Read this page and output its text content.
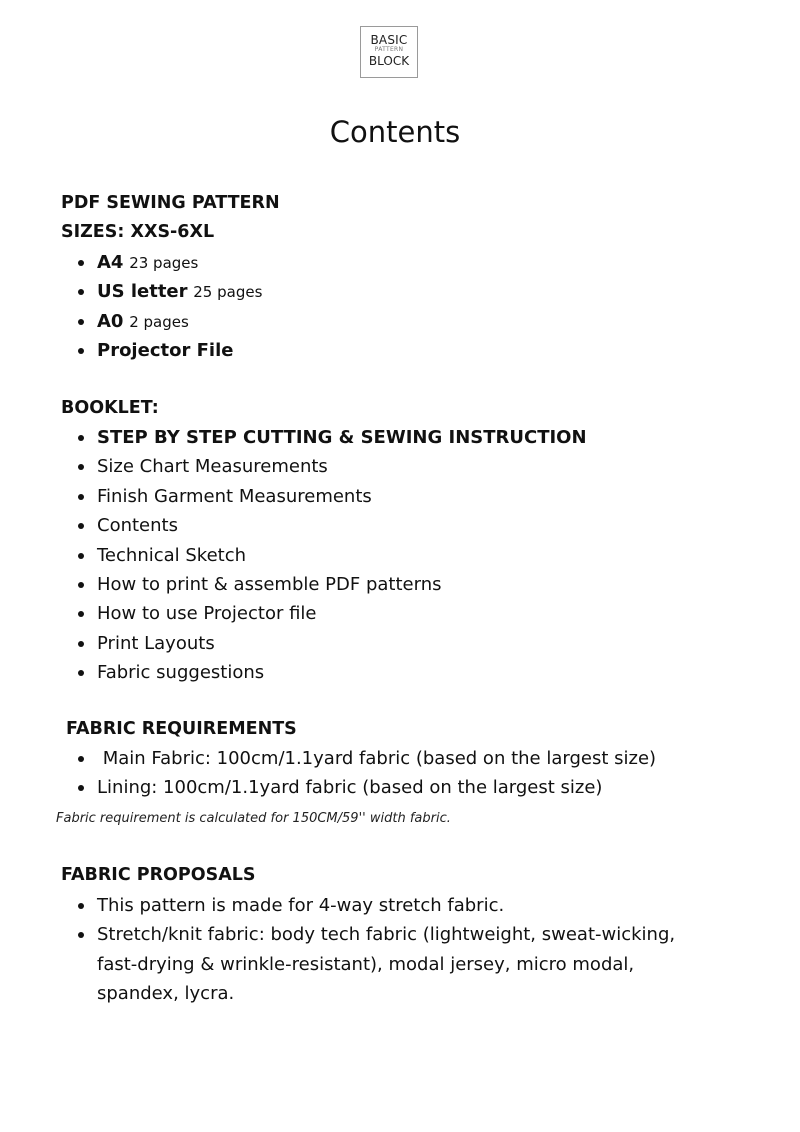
BASIC
PATTERN
BLOCK
Contents
PDF SEWING PATTERN
SIZES: XXS-6XL
A4 23 pages
US letter 25 pages
A0 2 pages
Projector File
BOOKLET:
STEP BY STEP CUTTING & SEWING INSTRUCTION
Size Chart Measurements
Finish Garment Measurements
Contents
Technical Sketch
How to print & assemble PDF patterns
How to use Projector file
Print Layouts
Fabric suggestions
FABRIC REQUIREMENTS
Main Fabric: 100cm/1.1yard fabric (based on the largest size)
Lining: 100cm/1.1yard fabric (based on the largest size)
Fabric requirement is calculated for 150CM/59'' width fabric.
FABRIC PROPOSALS
This pattern is made for 4-way stretch fabric.
Stretch/knit fabric: body tech fabric (lightweight, sweat-wicking, fast-drying & wrinkle-resistant), modal jersey, micro modal, spandex, lycra.
